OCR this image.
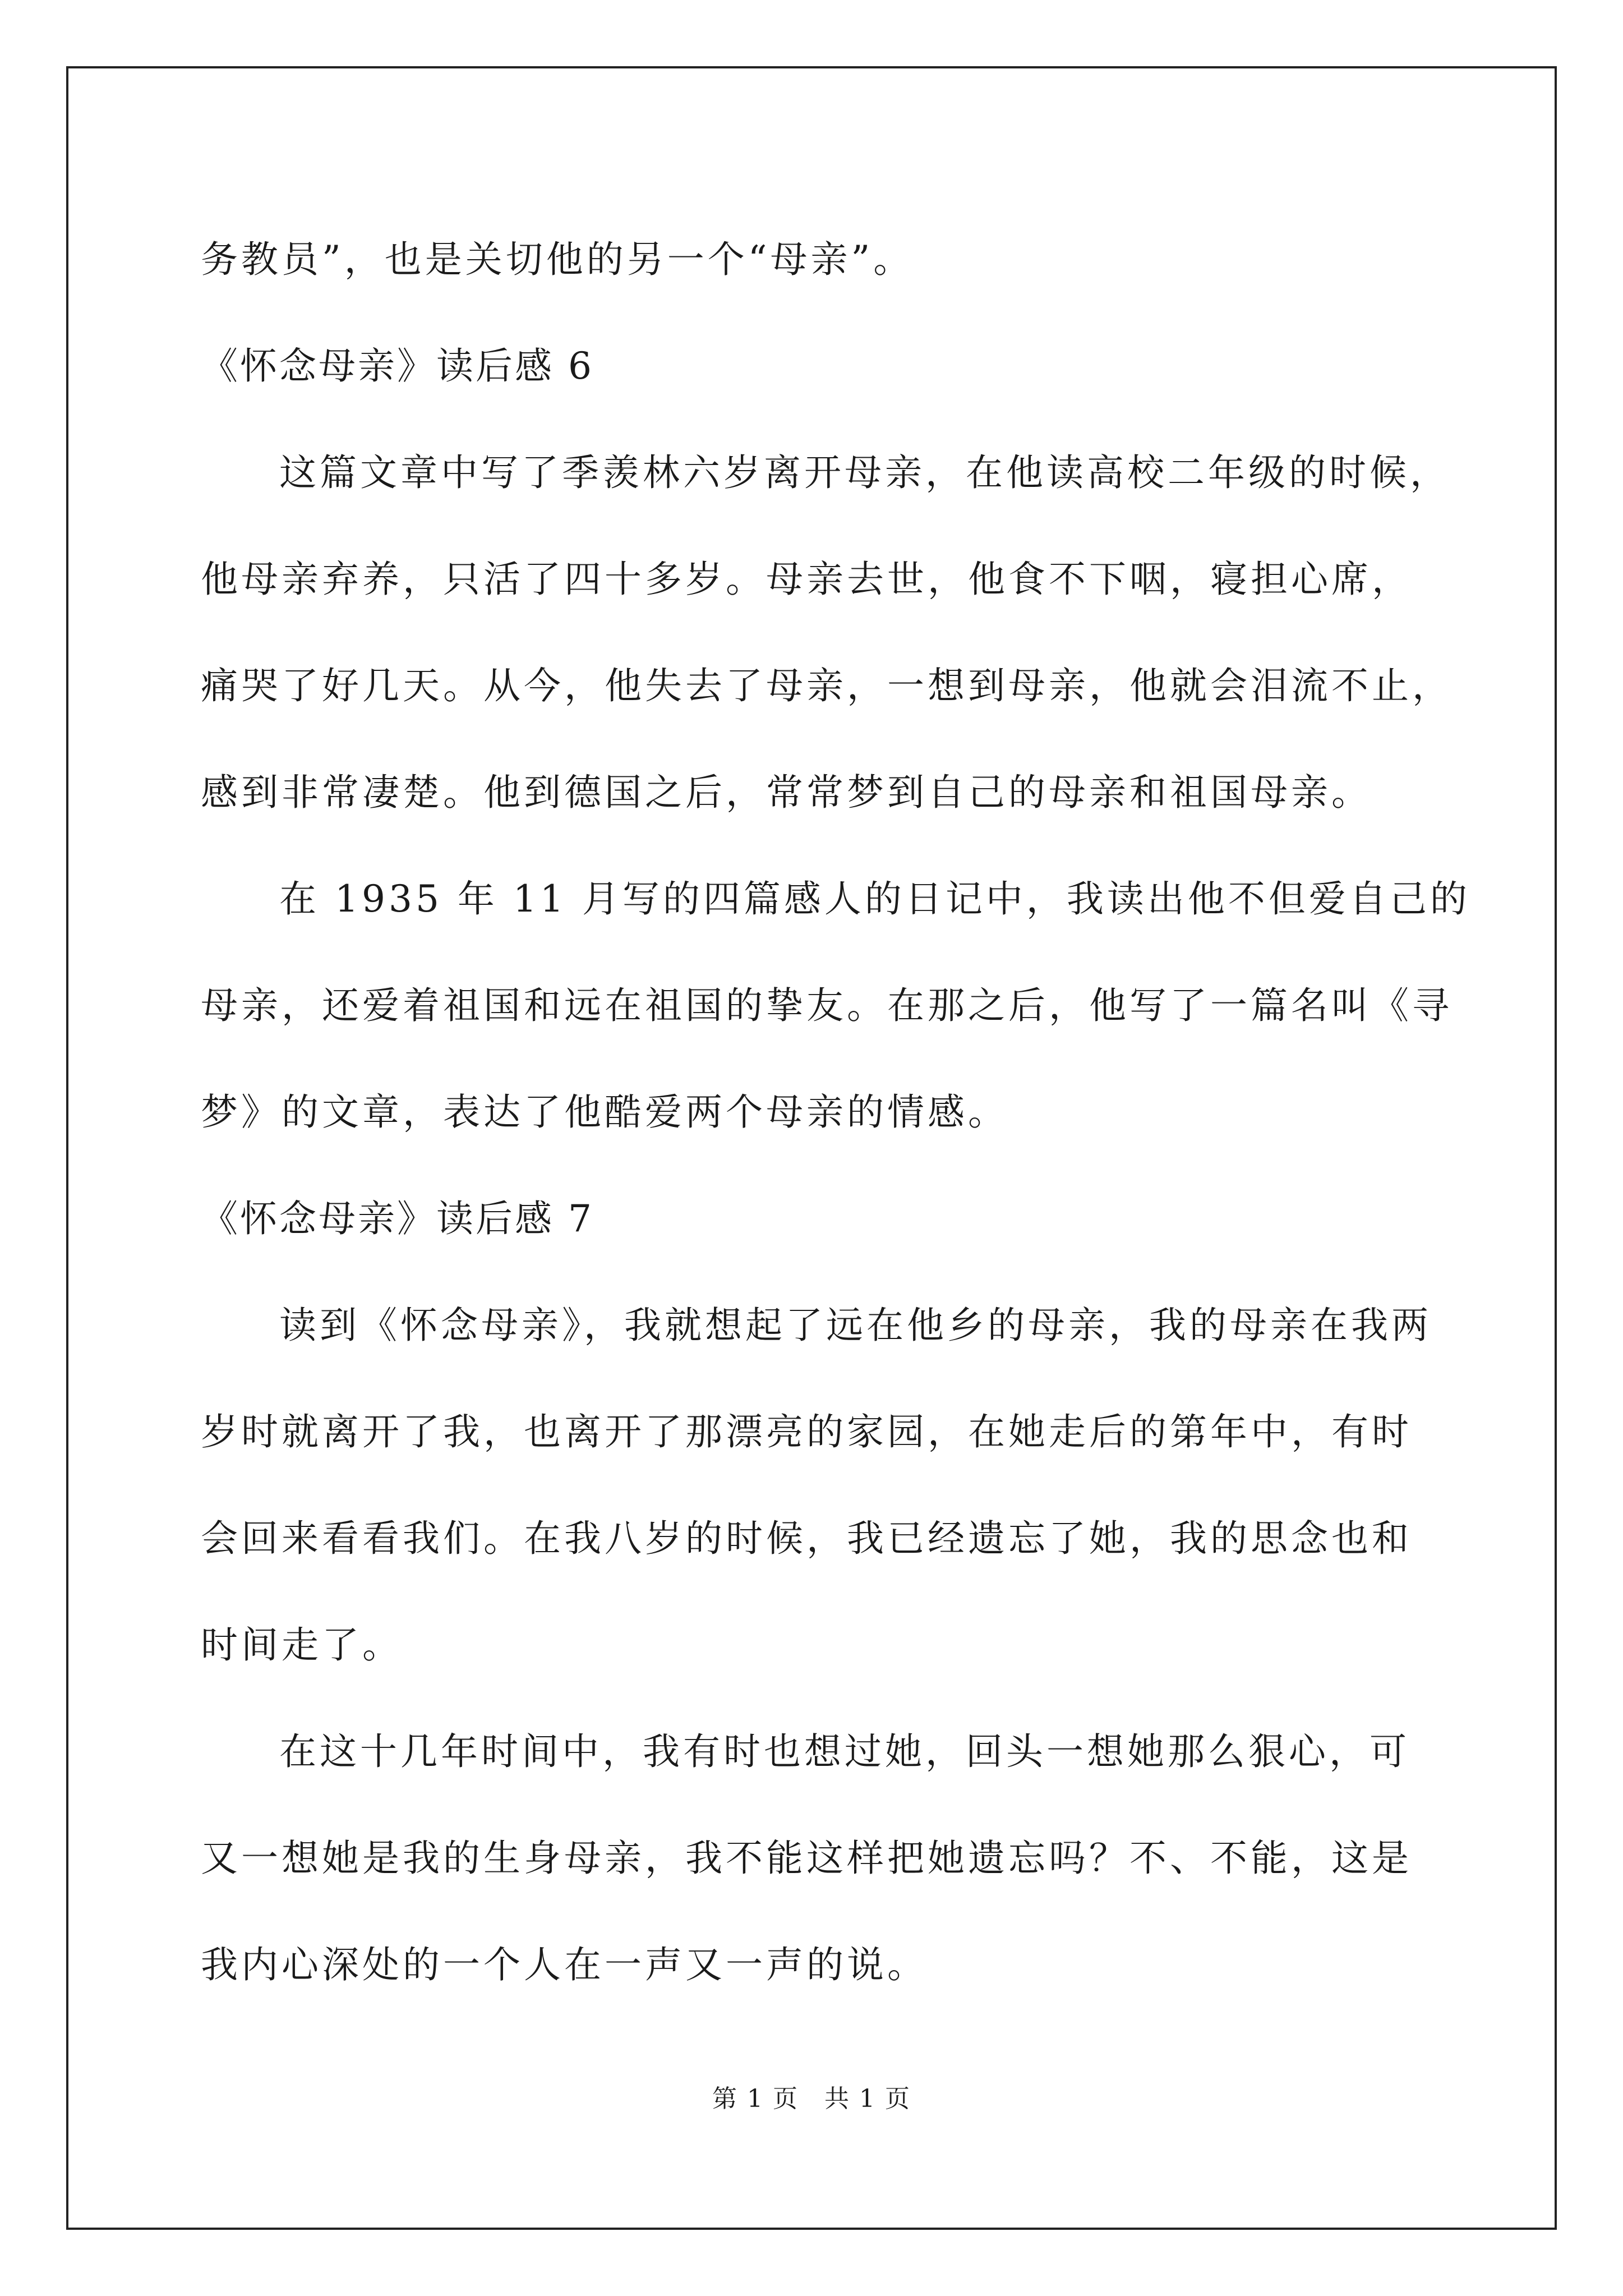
务教员”，也是关切他的另一个“母亲”。

《怀念母亲》读后感 6

这篇文章中写了季羡林六岁离开母亲，在他读高校二年级的时候，

他母亲弃养，只活了四十多岁。母亲去世，他食不下咽，寝担心席，

痛哭了好几天。从今，他失去了母亲，一想到母亲，他就会泪流不止，

感到非常凄楚。他到德国之后，常常梦到自己的母亲和祖国母亲。

在 1935 年 11 月写的四篇感人的日记中，我读出他不但爱自己的

母亲，还爱着祖国和远在祖国的挚友。在那之后，他写了一篇名叫《寻

梦》的文章，表达了他酷爱两个母亲的情感。

《怀念母亲》读后感 7

读到《怀念母亲》，我就想起了远在他乡的母亲，我的母亲在我两

岁时就离开了我，也离开了那漂亮的家园，在她走后的第年中，有时

会回来看看我们。在我八岁的时候，我已经遗忘了她，我的思念也和

时间走了。

在这十几年时间中，我有时也想过她，回头一想她那么狠心，可

又一想她是我的生身母亲，我不能这样把她遗忘吗？不、不能，这是

我内心深处的一个人在一声又一声的说。

第 1 页　共 1 页
